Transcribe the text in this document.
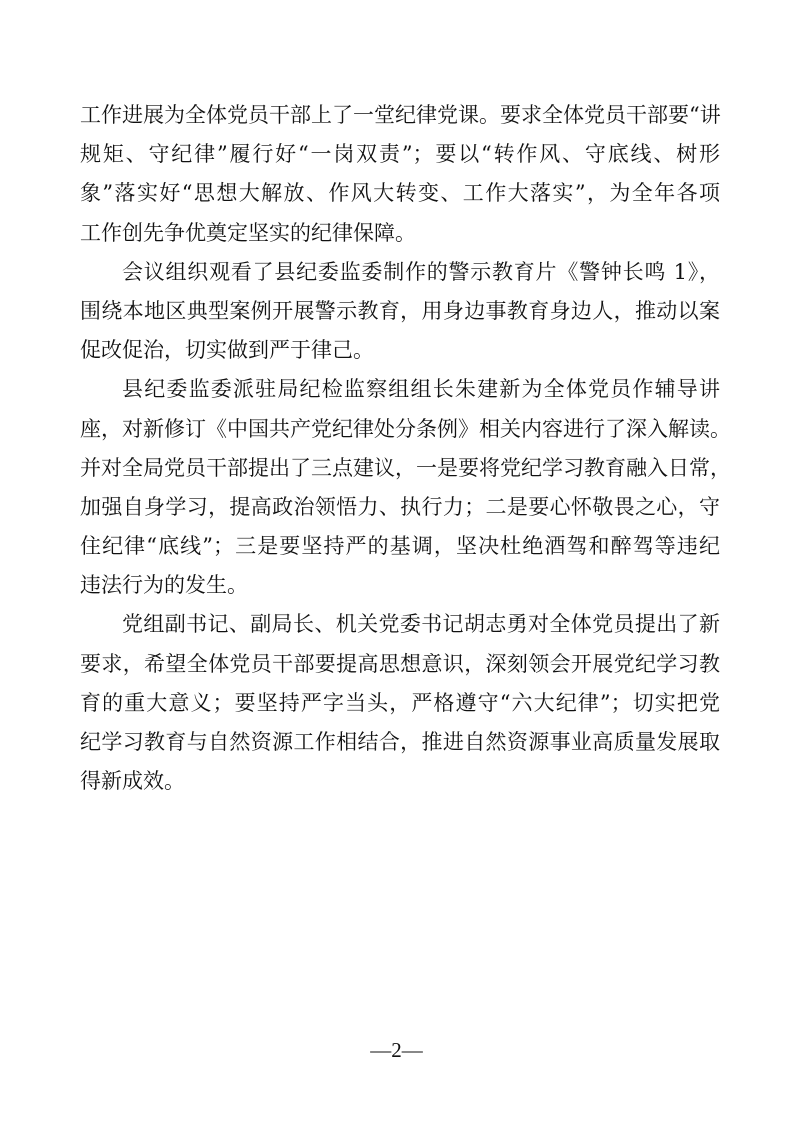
工作进展为全体党员干部上了一堂纪律党课。要求全体党员干部要“讲
规矩、守纪律”履行好“一岗双责”；要以“转作风、守底线、树形
象”落实好“思想大解放、作风大转变、工作大落实”，为全年各项
工作创先争优奠定坚实的纪律保障。
会议组织观看了县纪委监委制作的警示教育片《警钟长鸣 1》，
围绕本地区典型案例开展警示教育，用身边事教育身边人，推动以案
促改促治，切实做到严于律己。
县纪委监委派驻局纪检监察组组长朱建新为全体党员作辅导讲
座，对新修订《中国共产党纪律处分条例》相关内容进行了深入解读。
并对全局党员干部提出了三点建议，一是要将党纪学习教育融入日常，
加强自身学习，提高政治领悟力、执行力；二是要心怀敬畏之心，守
住纪律“底线”；三是要坚持严的基调，坚决杜绝酒驾和醉驾等违纪
违法行为的发生。
党组副书记、副局长、机关党委书记胡志勇对全体党员提出了新
要求，希望全体党员干部要提高思想意识，深刻领会开展党纪学习教
育的重大意义；要坚持严字当头，严格遵守“六大纪律”；切实把党
纪学习教育与自然资源工作相结合，推进自然资源事业高质量发展取
得新成效。
—2—
